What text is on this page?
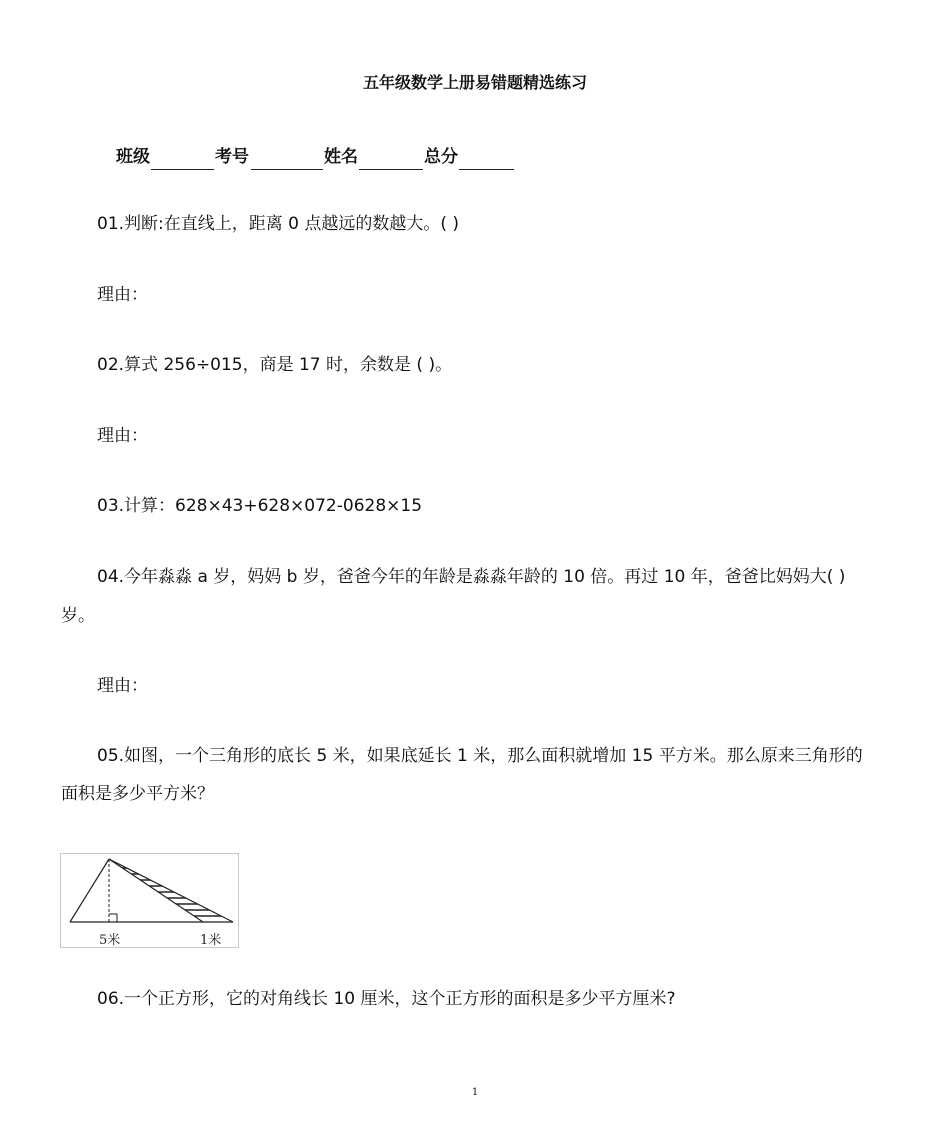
五年级数学上册易错题精选练习
班级	考号	姓名	总分
01.判断:在直线上，距离 0 点越远的数越大。( )
理由：
02.算式 256÷015，商是 17 时，余数是 ( )。
理由：
03.计算：628×43+628×072-0628×15
04.今年淼淼 a 岁，妈妈 b 岁，爸爸今年的年龄是淼淼年龄的 10 倍。再过 10 年，爸爸比妈妈大( )
岁。
理由：
05.如图，一个三角形的底长 5 米，如果底延长 1 米，那么面积就增加 15 平方米。那么原来三角形的
面积是多少平方米？
5米	1米
06.一个正方形，它的对角线长 10 厘米，这个正方形的面积是多少平方厘米?
1
